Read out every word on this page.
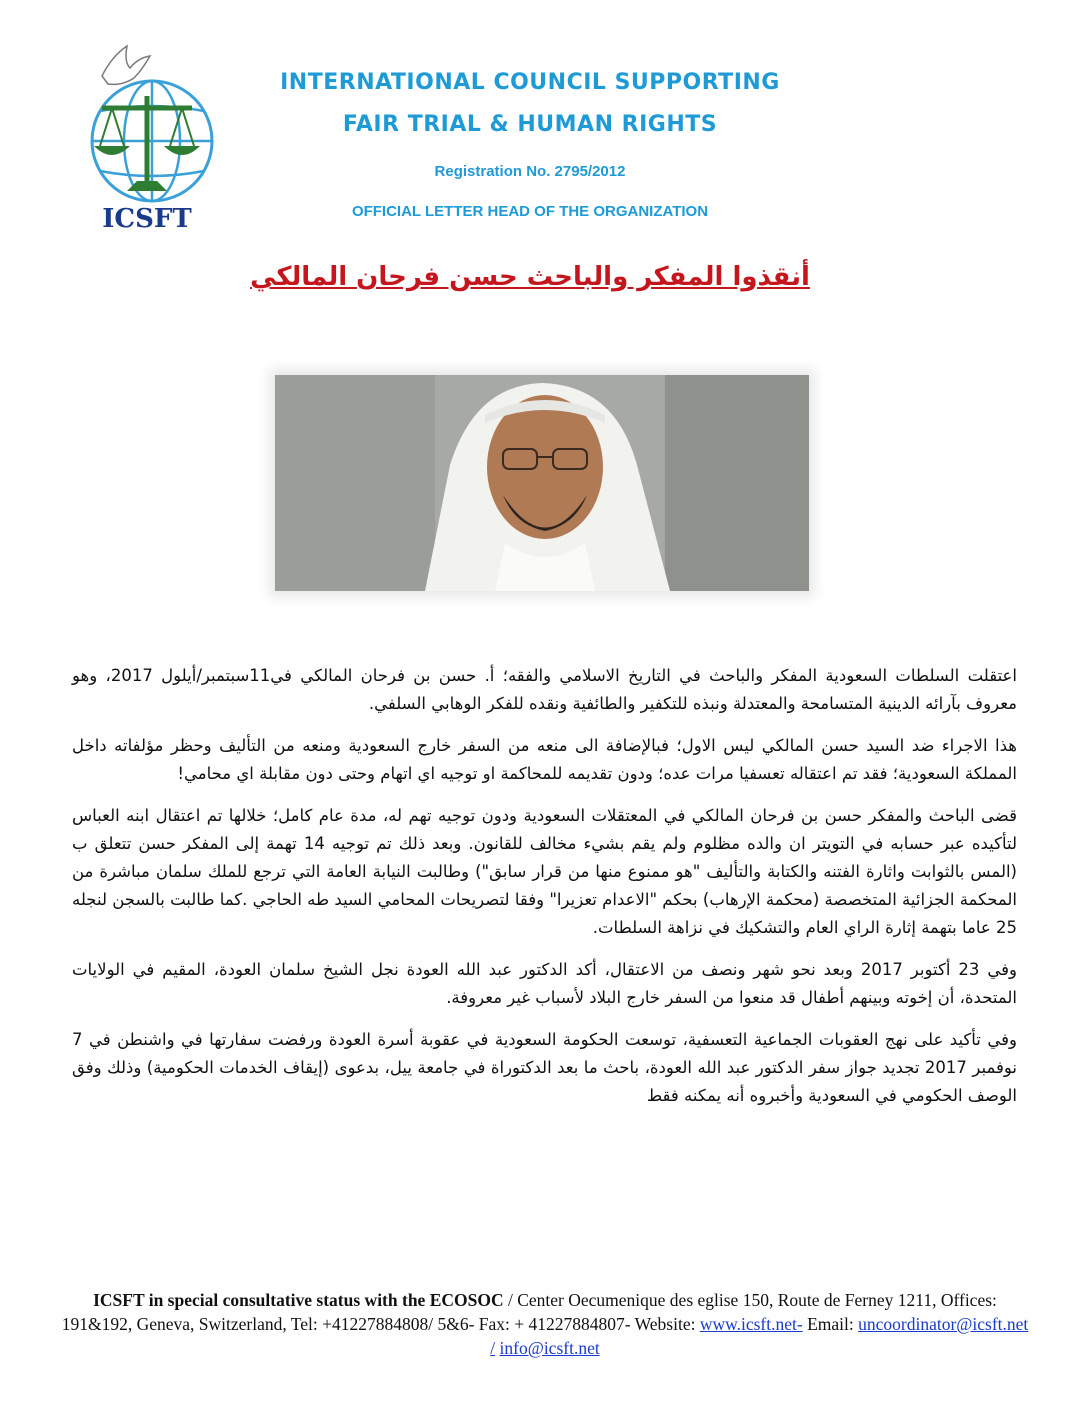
ICSFT
INTERNATIONAL COUNCIL SUPPORTING
FAIR TRIAL & HUMAN RIGHTS
Registration No. 2795/2012
OFFICIAL LETTER HEAD OF THE ORGANIZATION
أنقذوا المفكر والباحث حسن فرحان المالكي

اعتقلت السلطات السعودية المفكر والباحث في التاريخ الاسلامي والفقه؛ أ. حسن بن فرحان المالكي في11سبتمبر/أيلول 2017، وهو معروف بآرائه الدينية المتسامحة والمعتدلة ونبذه للتكفير والطائفية ونقده للفكر الوهابي السلفي.

هذا الاجراء ضد السيد حسن المالكي ليس الاول؛ فبالإضافة الى منعه من السفر خارج السعودية ومنعه من التأليف وحظر مؤلفاته داخل المملكة السعودية؛ فقد تم اعتقاله تعسفيا مرات عده؛ ودون تقديمه للمحاكمة او توجيه اي اتهام وحتى دون مقابلة اي محامي!

قضى الباحث والمفكر حسن بن فرحان المالكي في المعتقلات السعودية ودون توجيه تهم له، مدة عام كامل؛ خلالها تم اعتقال ابنه العباس لتأكيده عبر حسابه في التويتر ان والده مظلوم ولم يقم بشيء مخالف للقانون. وبعد ذلك تم توجيه 14 تهمة إلى المفكر حسن تتعلق ب (المس بالثوابت واثارة الفتنه والكتابة والتأليف "هو ممنوع منها من قرار سابق") وطالبت النيابة العامة التي ترجع للملك سلمان مباشرة من المحكمة الجزائية المتخصصة (محكمة الإرهاب) بحكم "الاعدام تعزيرا" وفقا لتصريحات المحامي السيد طه الحاجي .كما طالبت بالسجن لنجله 25 عاما بتهمة إثارة الراي العام والتشكيك في نزاهة السلطات.

وفي 23 أكتوبر 2017 وبعد نحو شهر ونصف من الاعتقال، أكد الدكتور عبد الله العودة نجل الشيخ سلمان العودة، المقيم في الولايات المتحدة، أن إخوته وبينهم أطفال قد منعوا من السفر خارج البلاد لأسباب غير معروفة.

وفي تأكيد على نهج العقوبات الجماعية التعسفية، توسعت الحكومة السعودية في عقوبة أسرة العودة ورفضت سفارتها في واشنطن في 7 نوفمبر 2017 تجديد جواز سفر الدكتور عبد الله العودة، باحث ما بعد الدكتوراة في جامعة ييل، بدعوى (إيقاف الخدمات الحكومية) وذلك وفق الوصف الحكومي في السعودية وأخبروه أنه يمكنه فقط

ICSFT in special consultative status with the ECOSOC / Center Oecumenique des eglise 150, Route de Ferney 1211, Offices: 191&192, Geneva, Switzerland, Tel: +41227884808/ 5&6- Fax: + 41227884807- Website: www.icsft.net- Email: uncoordinator@icsft.net / info@icsft.net
